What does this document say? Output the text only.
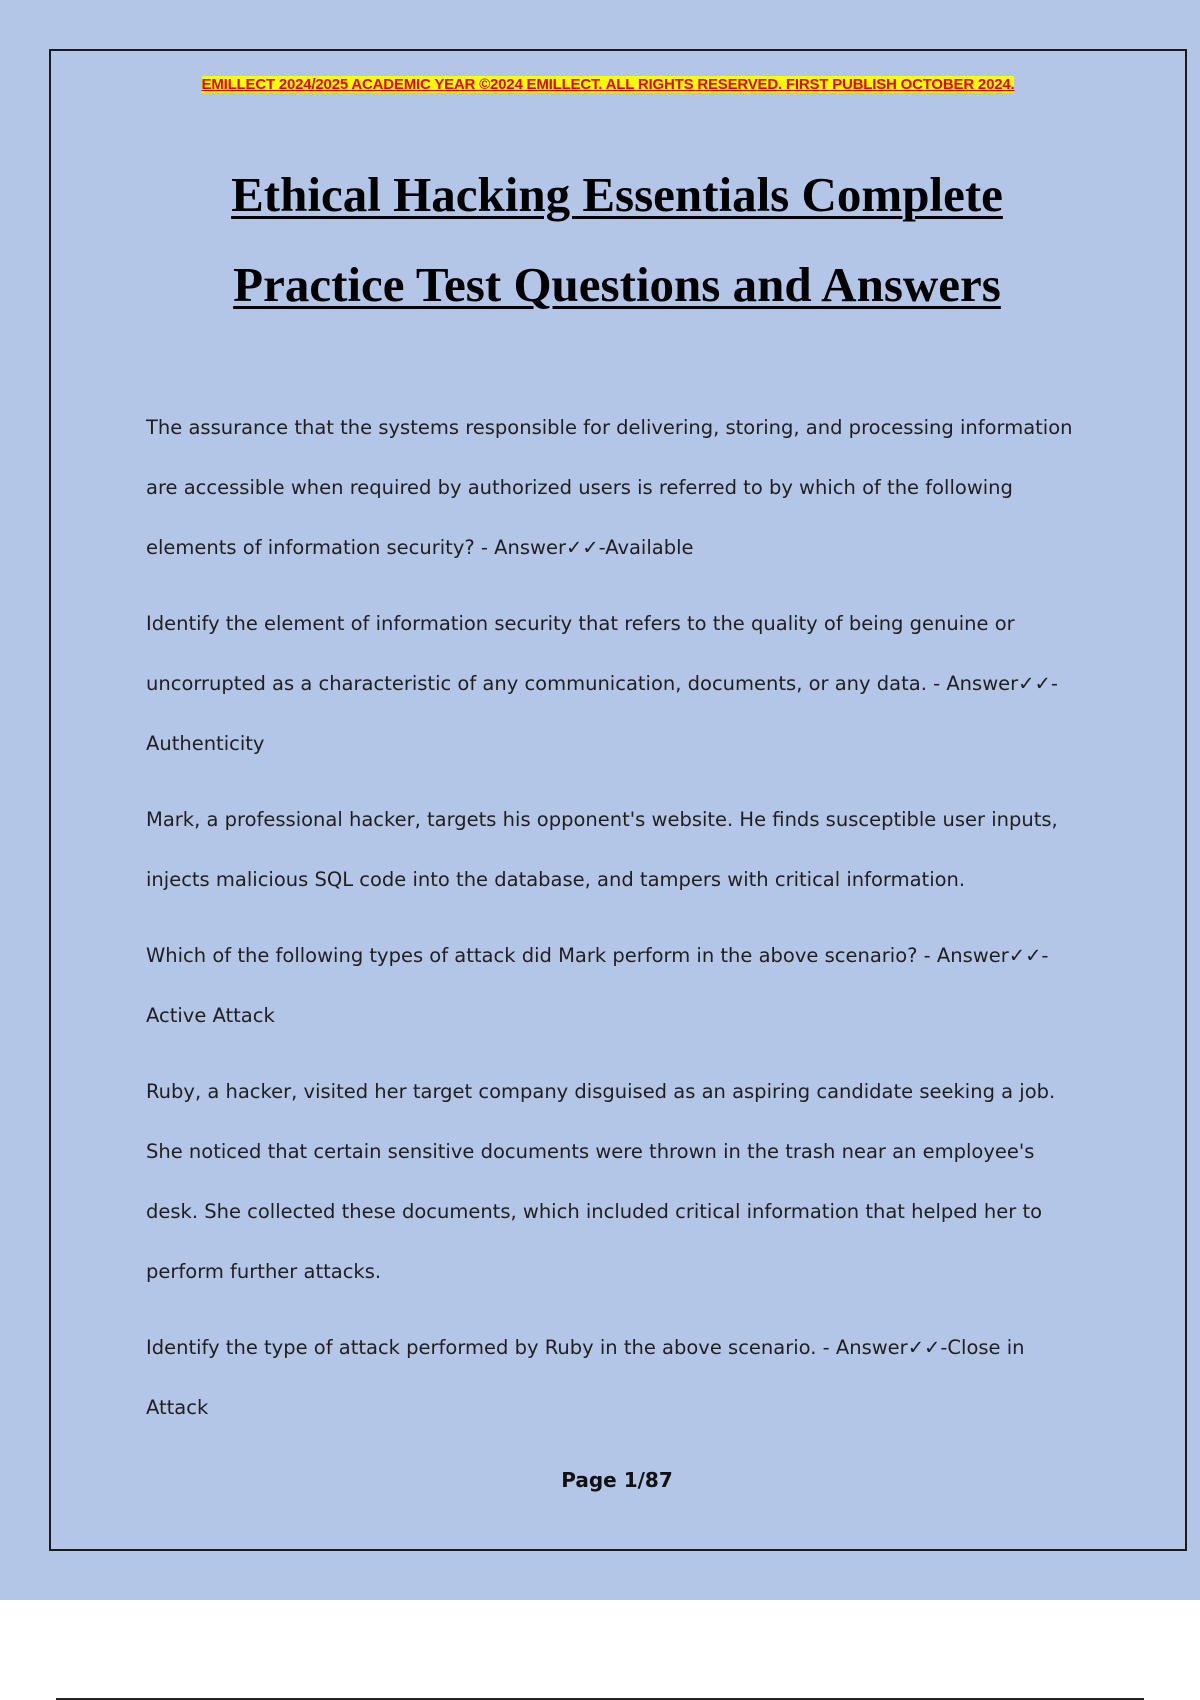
EMILLECT 2024/2025 ACADEMIC YEAR ©2024 EMILLECT. ALL RIGHTS RESERVED. FIRST PUBLISH OCTOBER 2024.
Ethical Hacking Essentials Complete
Practice Test Questions and Answers

The assurance that the systems responsible for delivering, storing, and processing information are accessible when required by authorized users is referred to by which of the following elements of information security? - Answer✓✓-Available

Identify the element of information security that refers to the quality of being genuine or uncorrupted as a characteristic of any communication, documents, or any data. - Answer✓✓-Authenticity

Mark, a professional hacker, targets his opponent's website. He finds susceptible user inputs, injects malicious SQL code into the database, and tampers with critical information.

Which of the following types of attack did Mark perform in the above scenario? - Answer✓✓-Active Attack

Ruby, a hacker, visited her target company disguised as an aspiring candidate seeking a job. She noticed that certain sensitive documents were thrown in the trash near an employee's desk. She collected these documents, which included critical information that helped her to perform further attacks.

Identify the type of attack performed by Ruby in the above scenario. - Answer✓✓-Close in Attack

Page 1/87
